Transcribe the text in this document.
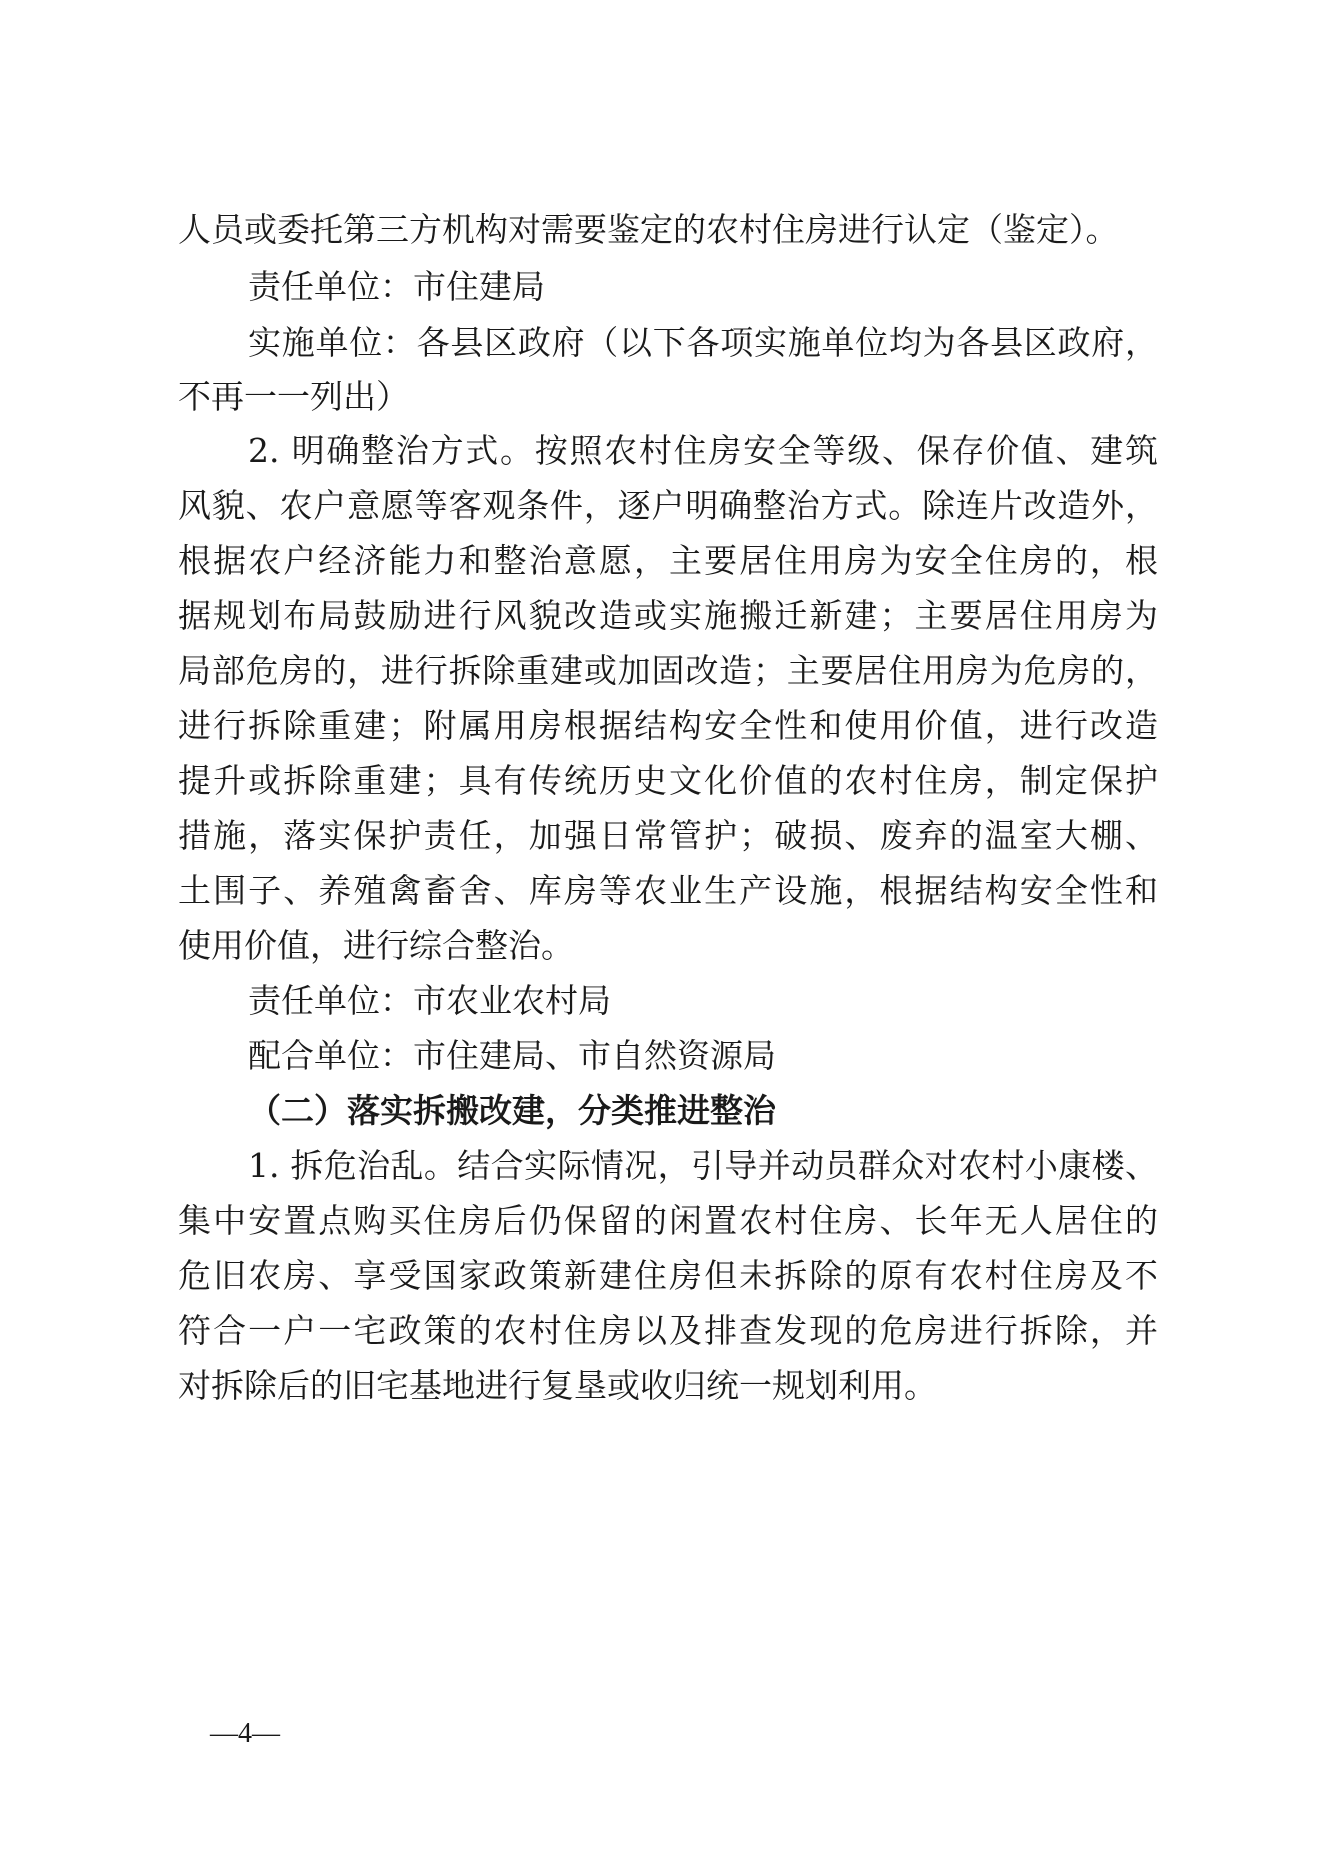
人员或委托第三方机构对需要鉴定的农村住房进行认定（鉴定）。
责任单位：市住建局
实施单位：各县区政府（以下各项实施单位均为各县区政府，
不再一一列出）
2. 明确整治方式。按照农村住房安全等级、保存价值、建筑
风貌、农户意愿等客观条件，逐户明确整治方式。除连片改造外，
根据农户经济能力和整治意愿，主要居住用房为安全住房的，根
据规划布局鼓励进行风貌改造或实施搬迁新建；主要居住用房为
局部危房的，进行拆除重建或加固改造；主要居住用房为危房的，
进行拆除重建；附属用房根据结构安全性和使用价值，进行改造
提升或拆除重建；具有传统历史文化价值的农村住房，制定保护
措施，落实保护责任，加强日常管护；破损、废弃的温室大棚、
土围子、养殖禽畜舍、库房等农业生产设施，根据结构安全性和
使用价值，进行综合整治。
责任单位：市农业农村局
配合单位：市住建局、市自然资源局
（二）落实拆搬改建，分类推进整治
1. 拆危治乱。结合实际情况，引导并动员群众对农村小康楼、
集中安置点购买住房后仍保留的闲置农村住房、长年无人居住的
危旧农房、享受国家政策新建住房但未拆除的原有农村住房及不
符合一户一宅政策的农村住房以及排查发现的危房进行拆除，并
对拆除后的旧宅基地进行复垦或收归统一规划利用。
—4—
